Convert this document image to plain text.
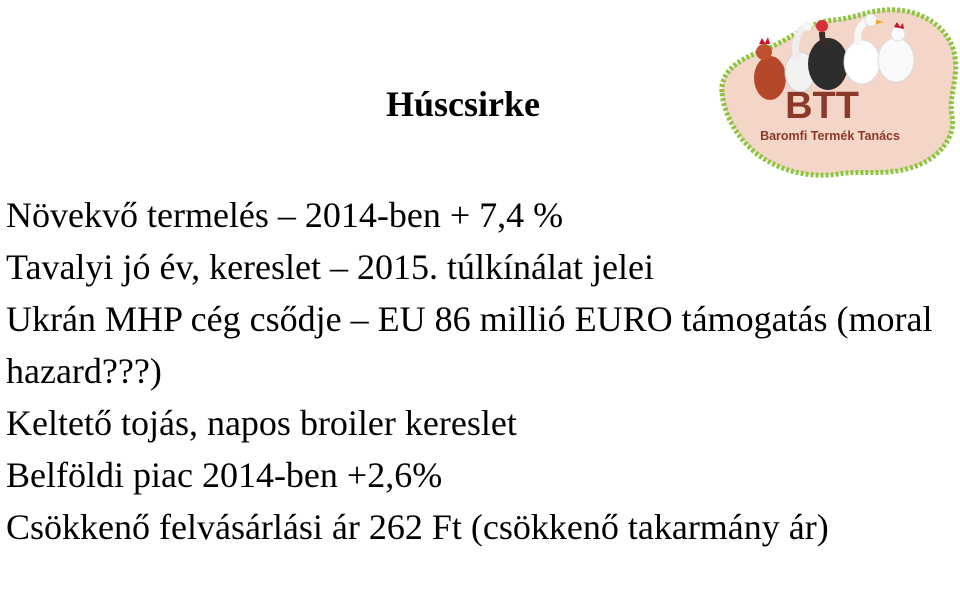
BTT
Baromfi Termék Tanács
Húscsirke
Növekvő termelés – 2014-ben + 7,4 %
Tavalyi jó év, kereslet – 2015. túlkínálat jelei
Ukrán MHP cég csődje – EU 86 millió EURO támogatás (moral hazard???)
Keltető tojás, napos broiler kereslet
Belföldi piac 2014-ben +2,6%
Csökkenő felvásárlási ár 262 Ft (csökkenő takarmány ár)
